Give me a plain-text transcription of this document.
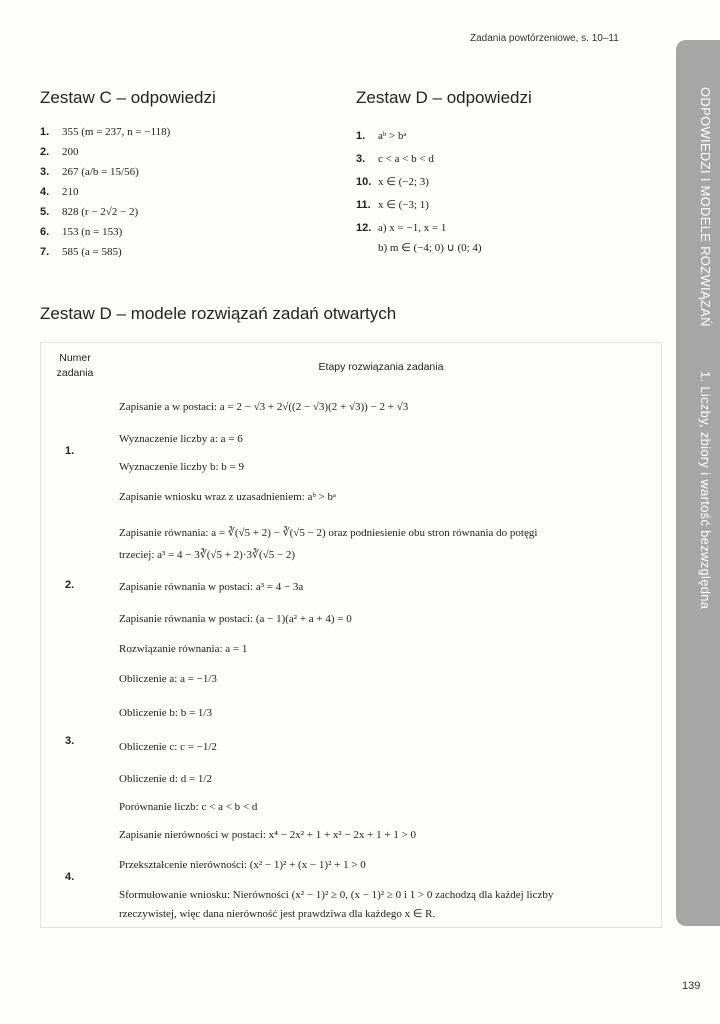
Zadania powtórzeniowe, s. 10–11
ODPOWIEDZI I MODELE ROZWIĄZAŃ 1. Liczby, zbiory i wartość bezwzględna
Zestaw C – odpowiedzi
1. 355 (m = 237, n = −118)
2. 200
3. 267 (a/b = 15/56)
4. 210
5. 828 (r − 2√2 − 2)
6. 153 (n = 153)
7. 585 (a = 585)
Zestaw D – odpowiedzi
1. aᵇ > bᵃ
3. c < a < b < d
10. x ∈ (−2; 3)
11. x ∈ (−3; 1)
12. a) x = −1, x = 1
b) m ∈ (−4; 0) ∪ (0; 4)
Zestaw D – modele rozwiązań zadań otwartych
Numer zadania	Etapy rozwiązania zadania
1.
Zapisanie a w postaci: a = 2 − √3 + 2√((2 − √3)(2 + √3)) − 2 + √3
Wyznaczenie liczby a: a = 6
Wyznaczenie liczby b: b = 9
Zapisanie wniosku wraz z uzasadnieniem: aᵇ > bᵃ
2.
Zapisanie równania: a = ∛(√5 + 2) − ∛(√5 − 2) oraz podniesienie obu stron równania do potęgi
trzeciej: a³ = 4 − 3∛(√5 + 2)·3∛(√5 − 2)
Zapisanie równania w postaci: a³ = 4 − 3a
Zapisanie równania w postaci: (a − 1)(a² + a + 4) = 0
Rozwiązanie równania: a = 1
3.
Obliczenie a: a = −1/3
Obliczenie b: b = 1/3
Obliczenie c: c = −1/2
Obliczenie d: d = 1/2
Porównanie liczb: c < a < b < d
4.
Zapisanie nierówności w postaci: x⁴ − 2x² + 1 + x² − 2x + 1 + 1 > 0
Przekształcenie nierówności: (x² − 1)² + (x − 1)² + 1 > 0
Sformułowanie wniosku: Nierówności (x² − 1)² ≥ 0, (x − 1)² ≥ 0 i 1 > 0 zachodzą dla każdej liczby
rzeczywistej, więc dana nierówność jest prawdziwa dla każdego x ∈ R.
139
